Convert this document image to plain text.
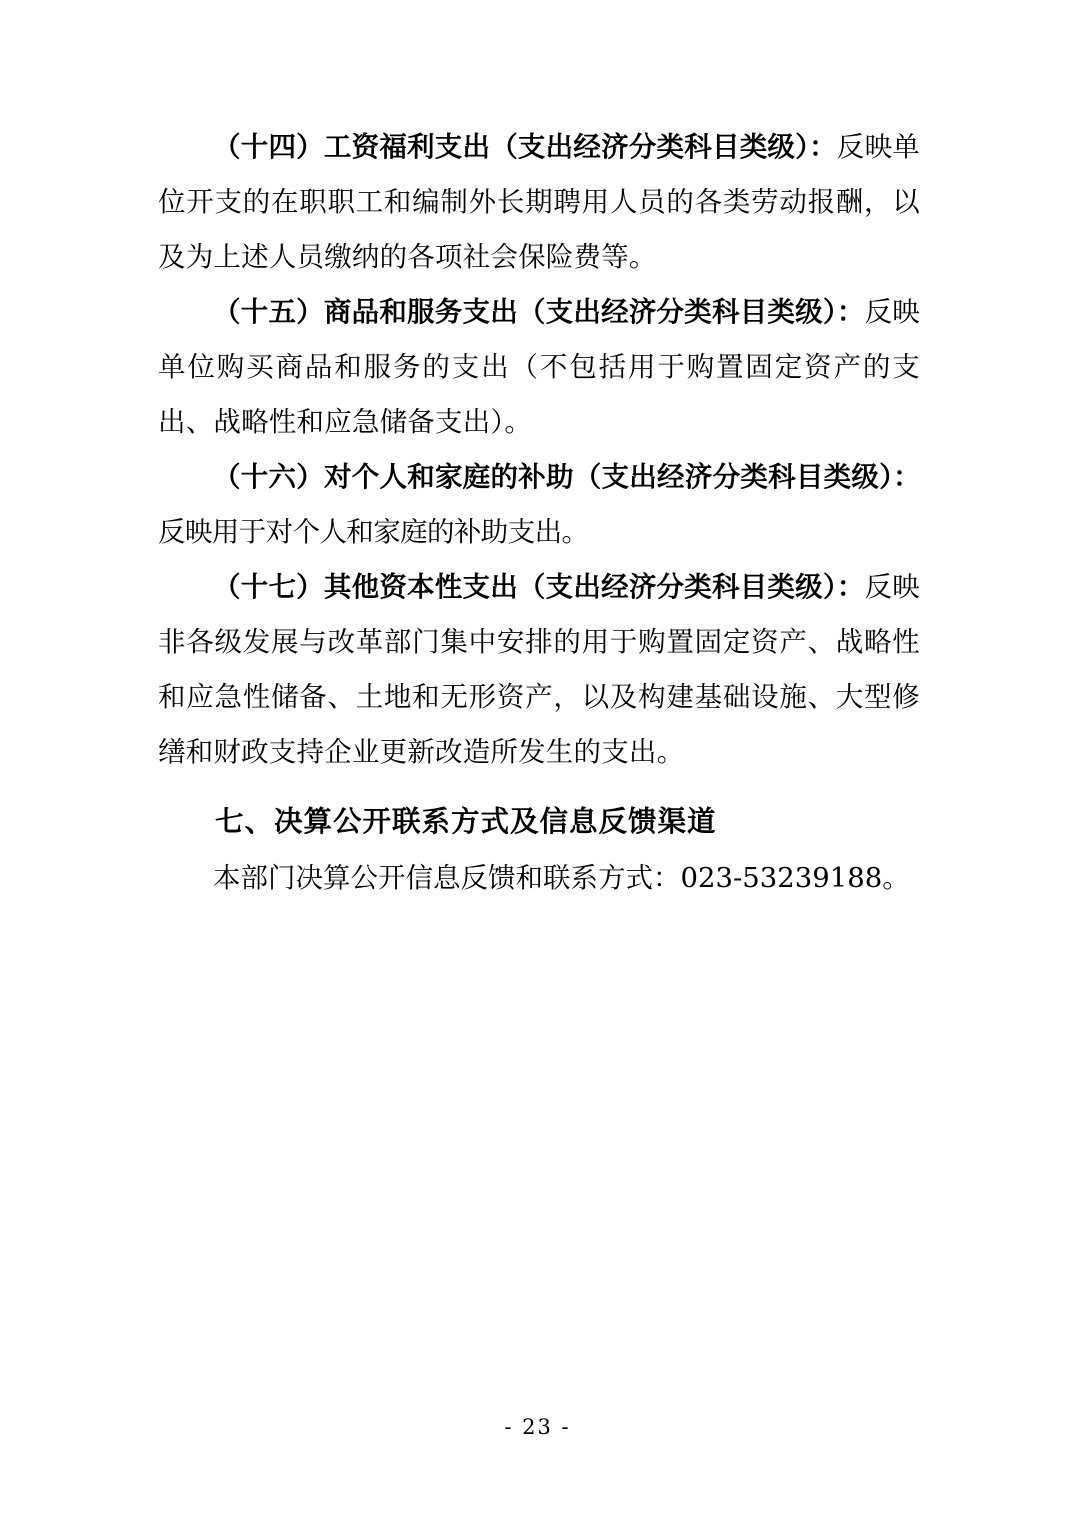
（十四）工资福利支出（支出经济分类科目类级）：反映单位开支的在职职工和编制外长期聘用人员的各类劳动报酬，以及为上述人员缴纳的各项社会保险费等。

（十五）商品和服务支出（支出经济分类科目类级）：反映单位购买商品和服务的支出（不包括用于购置固定资产的支出、战略性和应急储备支出）。

（十六）对个人和家庭的补助（支出经济分类科目类级）：反映用于对个人和家庭的补助支出。

（十七）其他资本性支出（支出经济分类科目类级）：反映非各级发展与改革部门集中安排的用于购置固定资产、战略性和应急性储备、土地和无形资产，以及构建基础设施、大型修缮和财政支持企业更新改造所发生的支出。

七、决算公开联系方式及信息反馈渠道

本部门决算公开信息反馈和联系方式：023-53239188。

- 23 -
